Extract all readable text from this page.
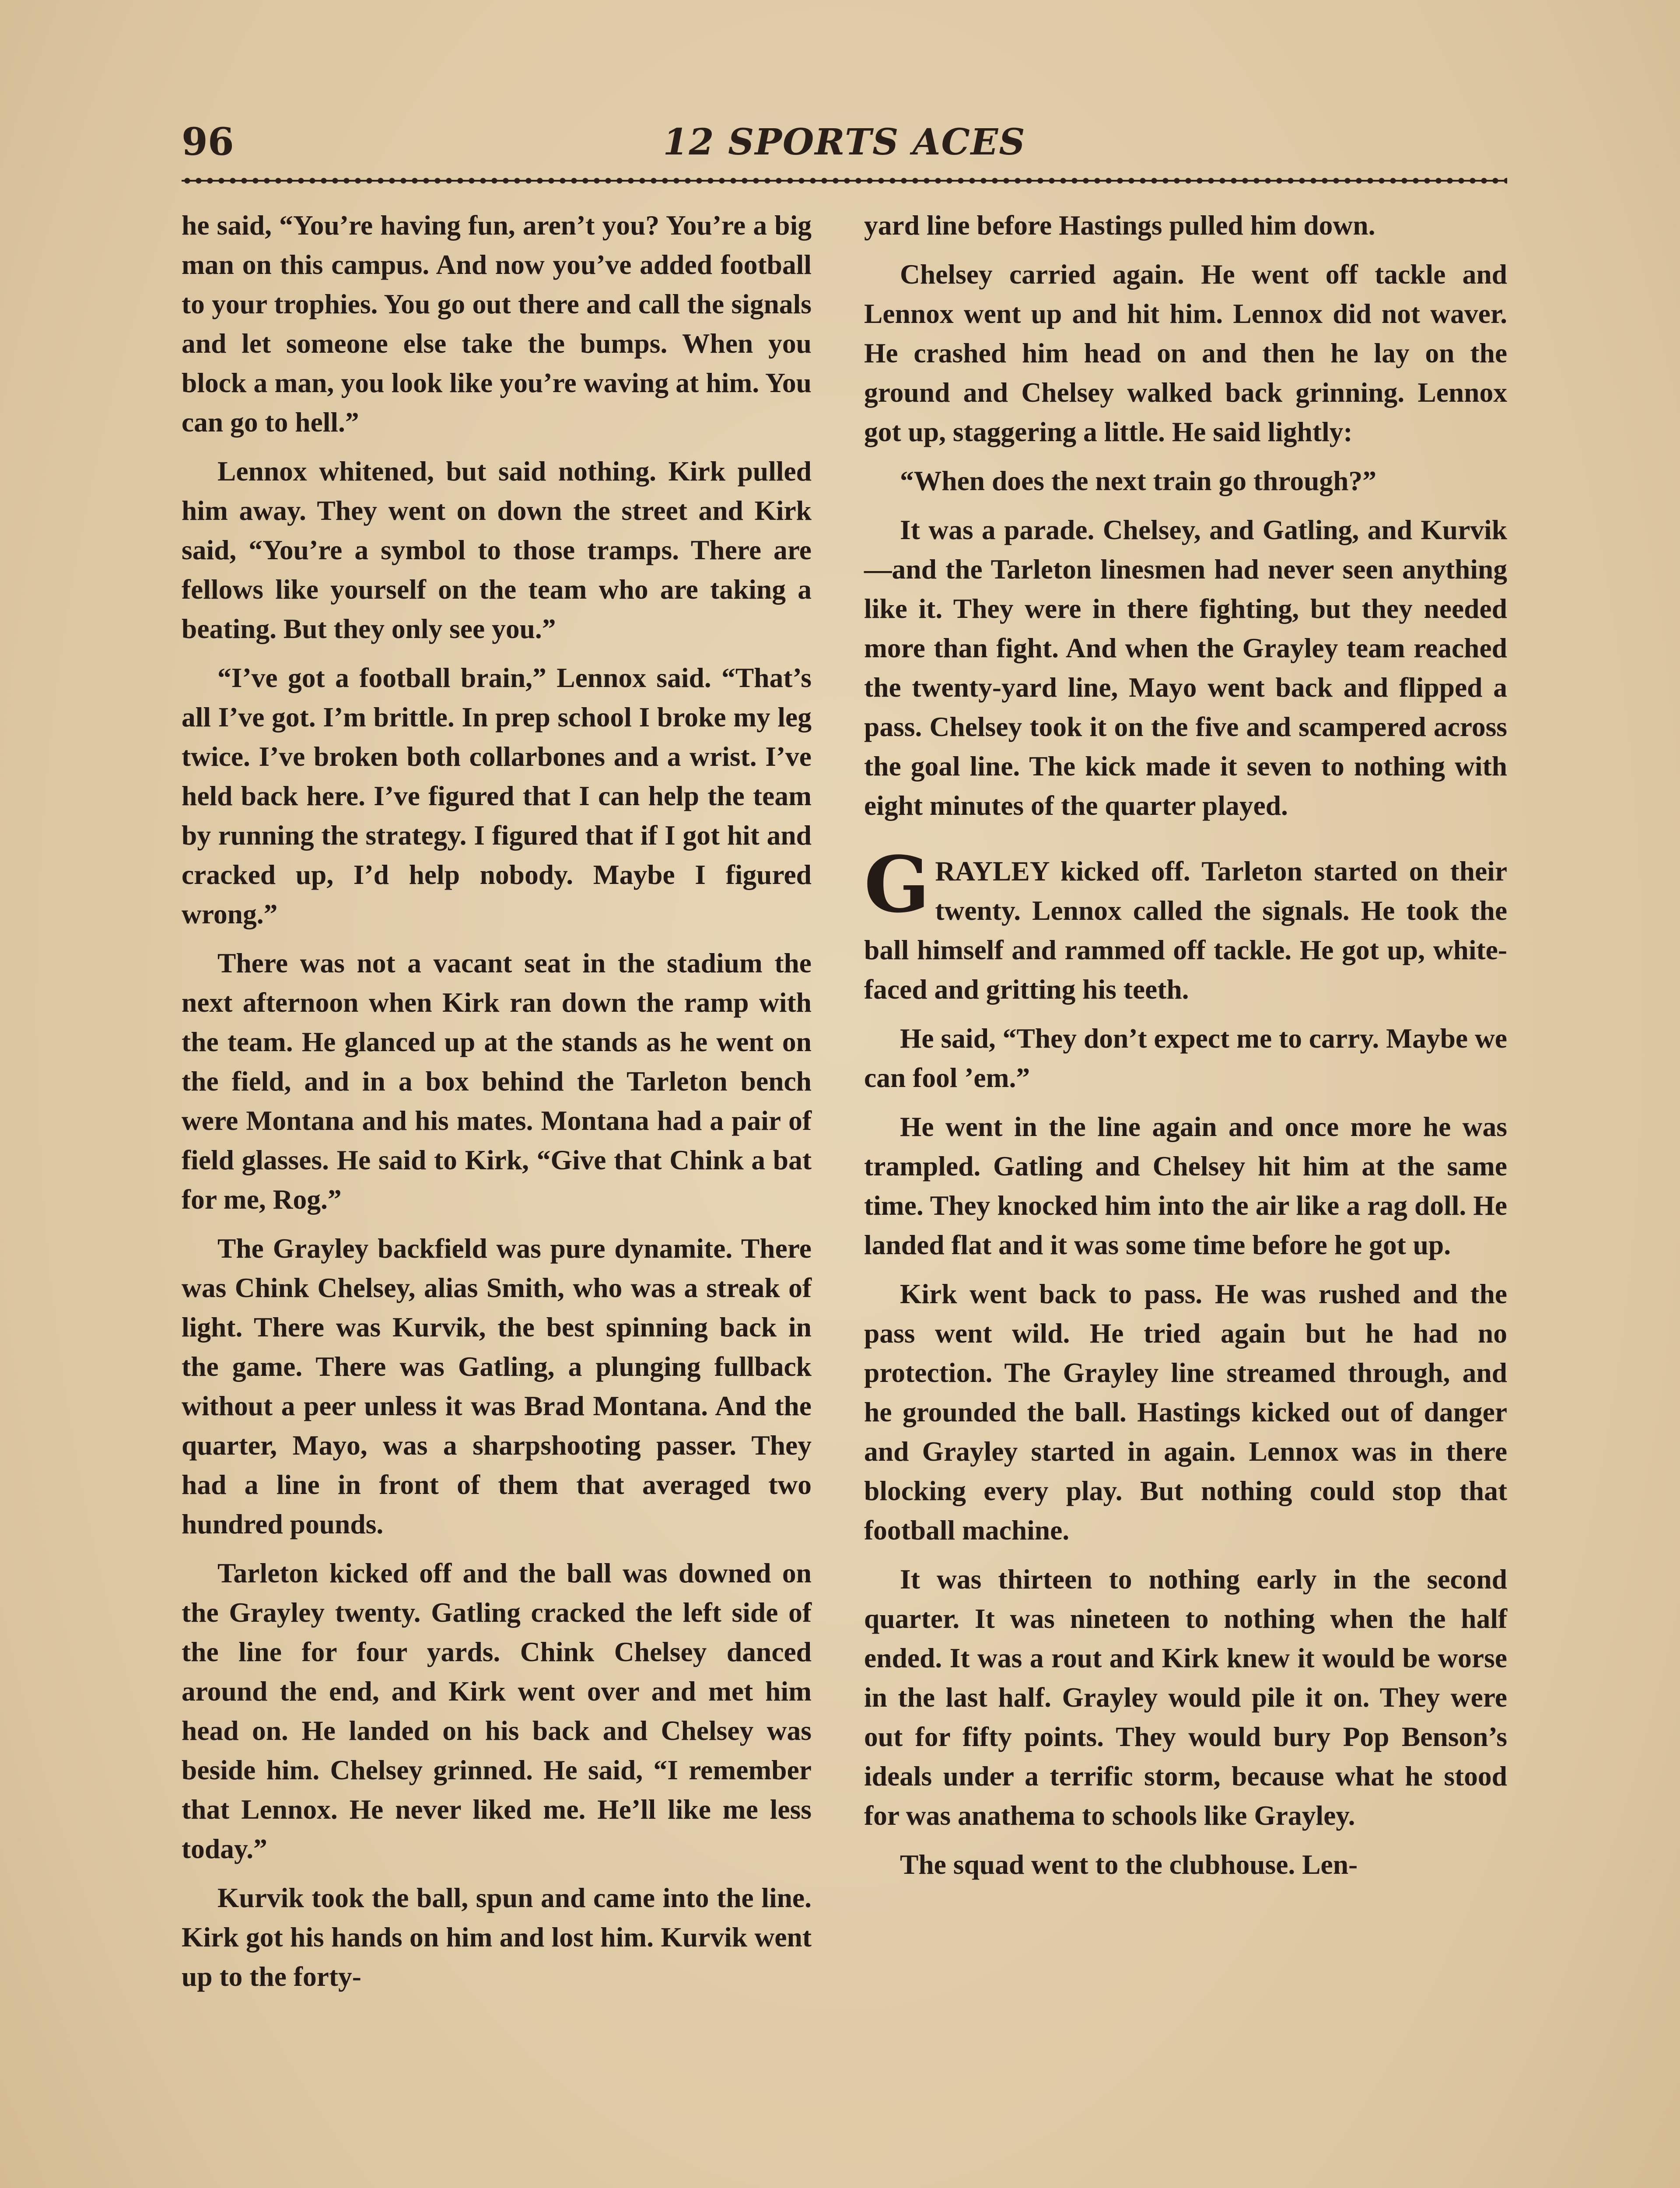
96	12 SPORTS ACES

he said, “You’re having fun, aren’t you? You’re a big man on this campus. And now you’ve added football to your trophies. You go out there and call the signals and let someone else take the bumps. When you block a man, you look like you’re waving at him. You can go to hell.”

Lennox whitened, but said nothing. Kirk pulled him away. They went on down the street and Kirk said, “You’re a symbol to those tramps. There are fellows like yourself on the team who are taking a beating. But they only see you.”

“I’ve got a football brain,” Lennox said. “That’s all I’ve got. I’m brittle. In prep school I broke my leg twice. I’ve broken both collarbones and a wrist. I’ve held back here. I’ve figured that I can help the team by running the strategy. I figured that if I got hit and cracked up, I’d help nobody. Maybe I figured wrong.”

There was not a vacant seat in the stadium the next afternoon when Kirk ran down the ramp with the team. He glanced up at the stands as he went on the field, and in a box behind the Tarleton bench were Montana and his mates. Montana had a pair of field glasses. He said to Kirk, “Give that Chink a bat for me, Rog.”

The Grayley backfield was pure dynamite. There was Chink Chelsey, alias Smith, who was a streak of light. There was Kurvik, the best spinning back in the game. There was Gatling, a plunging fullback without a peer unless it was Brad Montana. And the quarter, Mayo, was a sharpshooting passer. They had a line in front of them that averaged two hundred pounds.

Tarleton kicked off and the ball was downed on the Grayley twenty. Gatling cracked the left side of the line for four yards. Chink Chelsey danced around the end, and Kirk went over and met him head on. He landed on his back and Chelsey was beside him. Chelsey grinned. He said, “I remember that Lennox. He never liked me. He’ll like me less today.”

Kurvik took the ball, spun and came into the line. Kirk got his hands on him and lost him. Kurvik went up to the forty-

yard line before Hastings pulled him down.

Chelsey carried again. He went off tackle and Lennox went up and hit him. Lennox did not waver. He crashed him head on and then he lay on the ground and Chelsey walked back grinning. Lennox got up, staggering a little. He said lightly:

“When does the next train go through?”

It was a parade. Chelsey, and Gatling, and Kurvik—and the Tarleton linesmen had never seen anything like it. They were in there fighting, but they needed more than fight. And when the Grayley team reached the twenty-yard line, Mayo went back and flipped a pass. Chelsey took it on the five and scampered across the goal line. The kick made it seven to nothing with eight minutes of the quarter played.

GRAYLEY kicked off. Tarleton started on their twenty. Lennox called the signals. He took the ball himself and rammed off tackle. He got up, white-faced and gritting his teeth.

He said, “They don’t expect me to carry. Maybe we can fool ’em.”

He went in the line again and once more he was trampled. Gatling and Chelsey hit him at the same time. They knocked him into the air like a rag doll. He landed flat and it was some time before he got up.

Kirk went back to pass. He was rushed and the pass went wild. He tried again but he had no protection. The Grayley line streamed through, and he grounded the ball. Hastings kicked out of danger and Grayley started in again. Lennox was in there blocking every play. But nothing could stop that football machine.

It was thirteen to nothing early in the second quarter. It was nineteen to nothing when the half ended. It was a rout and Kirk knew it would be worse in the last half. Grayley would pile it on. They were out for fifty points. They would bury Pop Benson’s ideals under a terrific storm, because what he stood for was anathema to schools like Grayley.

The squad went to the clubhouse. Len-
